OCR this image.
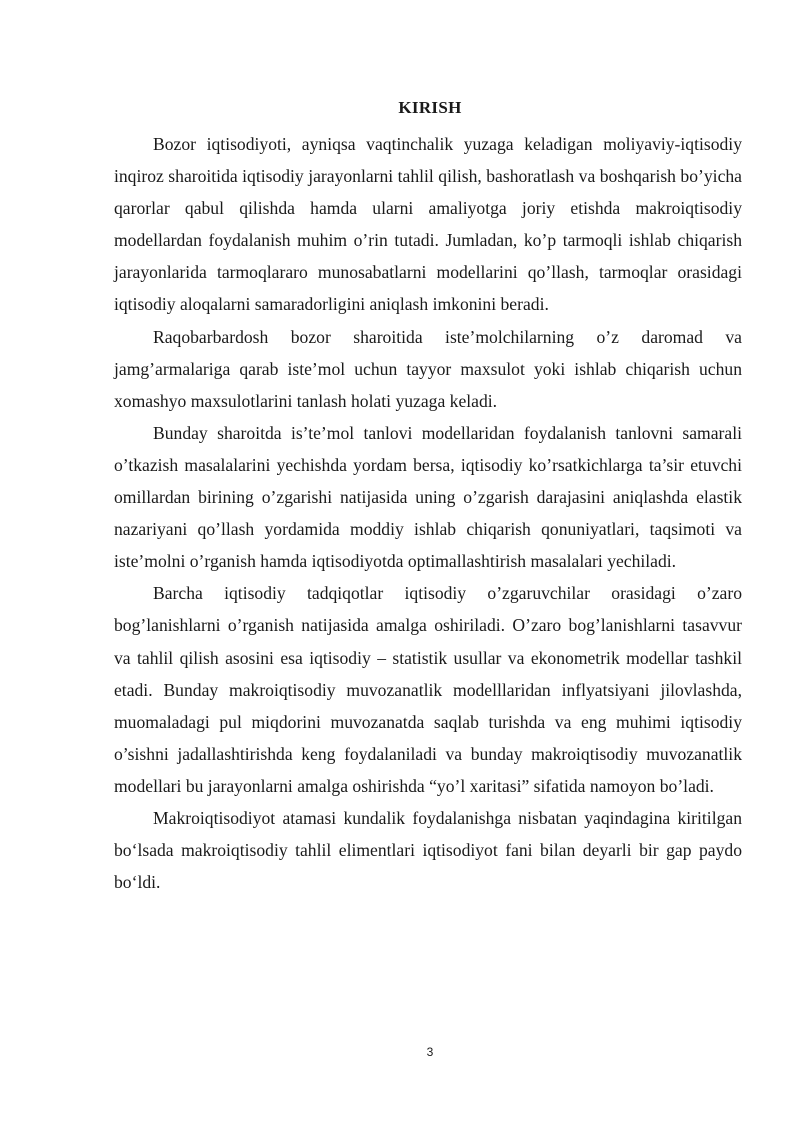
KIRISH

Bozor iqtisodiyoti, ayniqsa vaqtinchalik yuzaga keladigan moliyaviy-iqtisodiy inqiroz sharoitida iqtisodiy jarayonlarni tahlil qilish, bashoratlash va boshqarish bo’yicha qarorlar qabul qilishda hamda ularni amaliyotga joriy etishda makroiqtisodiy modellardan foydalanish muhim o’rin tutadi. Jumladan, ko’p tarmoqli ishlab chiqarish jarayonlarida tarmoqlararo munosabatlarni modellarini qo’llash, tarmoqlar orasidagi iqtisodiy aloqalarni samaradorligini aniqlash imkonini beradi.

Raqobarbardosh bozor sharoitida iste’molchilarning o’z daromad va jamg’armalariga qarab iste’mol uchun tayyor maxsulot yoki ishlab chiqarish uchun xomashyo maxsulotlarini tanlash holati yuzaga keladi.

Bunday sharoitda is’te’mol tanlovi modellaridan foydalanish tanlovni samarali o’tkazish masalalarini yechishda yordam bersa, iqtisodiy ko’rsatkichlarga ta’sir etuvchi omillardan birining o’zgarishi natijasida uning o’zgarish darajasini aniqlashda elastik nazariyani qo’llash yordamida moddiy ishlab chiqarish qonuniyatlari, taqsimoti va iste’molni o’rganish hamda iqtisodiyotda optimallashtirish masalalari yechiladi.

Barcha iqtisodiy tadqiqotlar iqtisodiy o’zgaruvchilar orasidagi o’zaro bog’lanishlarni o’rganish natijasida amalga oshiriladi. O’zaro bog’lanishlarni tasavvur va tahlil qilish asosini esa iqtisodiy – statistik usullar va ekonometrik modellar tashkil etadi. Bunday makroiqtisodiy muvozanatlik modelllaridan inflyatsiyani jilovlashda, muomaladagi pul miqdorini muvozanatda saqlab turishda va eng muhimi iqtisodiy o’sishni jadallashtirishda keng foydalaniladi va bunday makroiqtisodiy muvozanatlik modellari bu jarayonlarni amalga oshirishda “yo’l xaritasi” sifatida namoyon bo’ladi.

Makroiqtisodiyot atamasi kundalik foydalanishga nisbatan yaqindagina kiritilgan bo‘lsada makroiqtisodiy tahlil elimentlari iqtisodiyot fani bilan deyarli bir gap paydo bo‘ldi.

3
